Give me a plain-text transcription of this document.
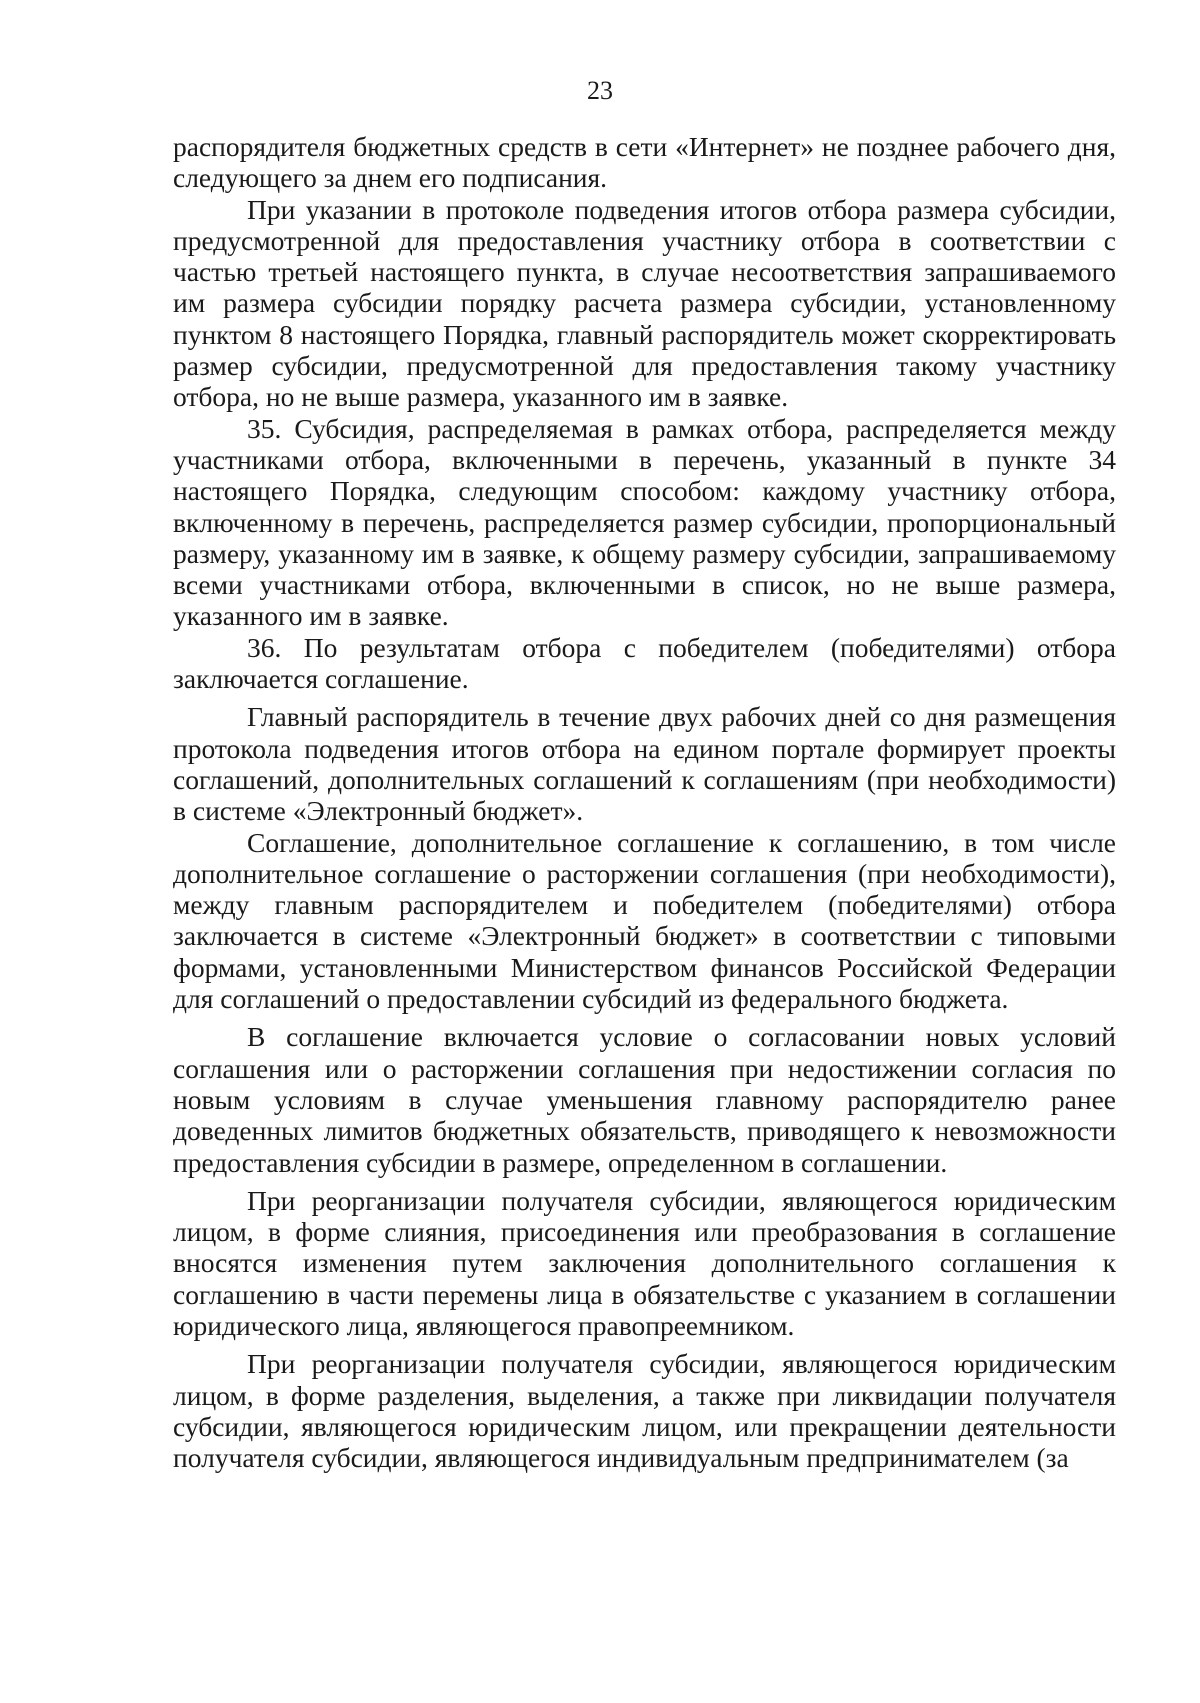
23

распорядителя бюджетных средств в сети «Интернет» не позднее рабочего дня, следующего за днем его подписания.

При указании в протоколе подведения итогов отбора размера субсидии, предусмотренной для предоставления участнику отбора в соответствии с частью третьей настоящего пункта, в случае несоответствия запрашиваемого им размера субсидии порядку расчета размера субсидии, установленному пунктом 8 настоящего Порядка, главный распорядитель может скорректировать размер субсидии, предусмотренной для предоставления такому участнику отбора, но не выше размера, указанного им в заявке.

35. Субсидия, распределяемая в рамках отбора, распределяется между участниками отбора, включенными в перечень, указанный в пункте 34 настоящего Порядка, следующим способом: каждому участнику отбора, включенному в перечень, распределяется размер субсидии, пропорциональный размеру, указанному им в заявке, к общему размеру субсидии, запрашиваемому всеми участниками отбора, включенными в список, но не выше размера, указанного им в заявке.

36. По результатам отбора с победителем (победителями) отбора заключается соглашение.

Главный распорядитель в течение двух рабочих дней со дня размещения протокола подведения итогов отбора на едином портале формирует проекты соглашений, дополнительных соглашений к соглашениям (при необходимости) в системе «Электронный бюджет».

Соглашение, дополнительное соглашение к соглашению, в том числе дополнительное соглашение о расторжении соглашения (при необходимости), между главным распорядителем и победителем (победителями) отбора заключается в системе «Электронный бюджет» в соответствии с типовыми формами, установленными Министерством финансов Российской Федерации для соглашений о предоставлении субсидий из федерального бюджета.

В соглашение включается условие о согласовании новых условий соглашения или о расторжении соглашения при недостижении согласия по новым условиям в случае уменьшения главному распорядителю ранее доведенных лимитов бюджетных обязательств, приводящего к невозможности предоставления субсидии в размере, определенном в соглашении.

При реорганизации получателя субсидии, являющегося юридическим лицом, в форме слияния, присоединения или преобразования в соглашение вносятся изменения путем заключения дополнительного соглашения к соглашению в части перемены лица в обязательстве с указанием в соглашении юридического лица, являющегося правопреемником.

При реорганизации получателя субсидии, являющегося юридическим лицом, в форме разделения, выделения, а также при ликвидации получателя субсидии, являющегося юридическим лицом, или прекращении деятельности получателя субсидии, являющегося индивидуальным предпринимателем (за
